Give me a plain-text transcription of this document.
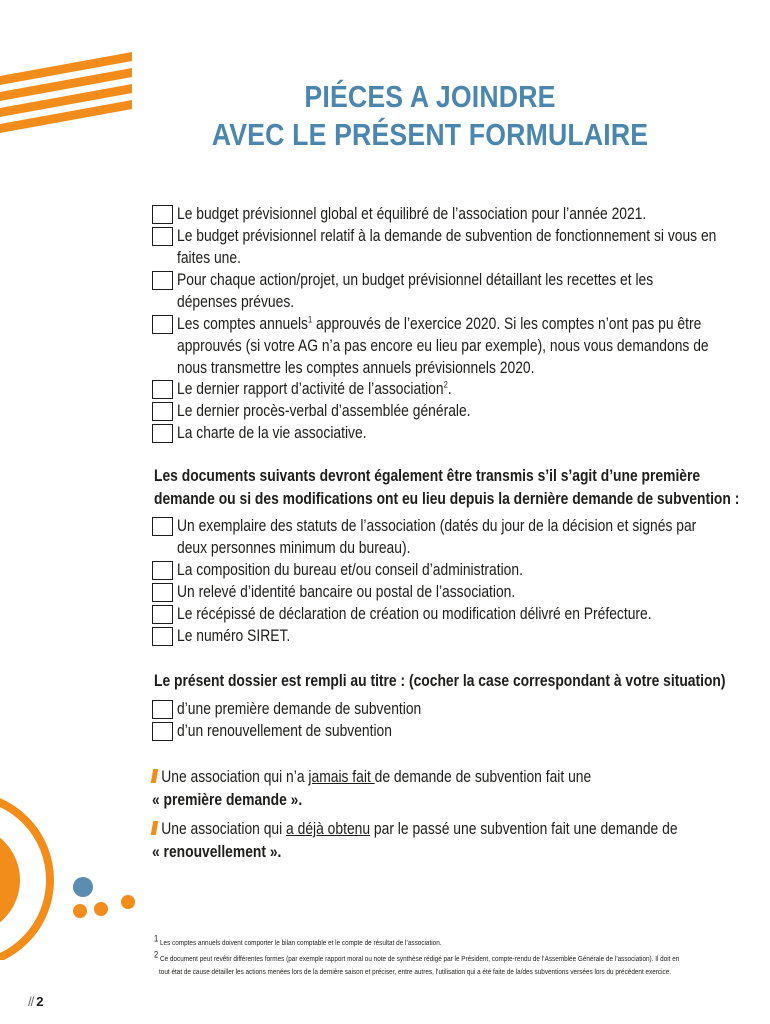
PIÉCES A JOINDRE
AVEC LE PRÉSENT FORMULAIRE
Le budget prévisionnel global et équilibré de l’association pour l’année 2021.
Le budget prévisionnel relatif à la demande de subvention de fonctionnement si vous en
faites une.
Pour chaque action/projet, un budget prévisionnel détaillant les recettes et les
dépenses prévues.
Les comptes annuels$^1$ approuvés de l’exercice 2020. Si les comptes n’ont pas pu être
approuvés (si votre AG n’a pas encore eu lieu par exemple), nous vous demandons de
nous transmettre les comptes annuels prévisionnels 2020.
Le dernier rapport d’activité de l’association$^2$.
Le dernier procès-verbal d’assemblée générale.
La charte de la vie associative.
Les documents suivants devront également être transmis s’il s’agit d’une première
demande ou si des modifications ont eu lieu depuis la dernière demande de subvention :
Un exemplaire des statuts de l’association (datés du jour de la décision et signés par
deux personnes minimum du bureau).
La composition du bureau et/ou conseil d’administration.
Un relevé d’identité bancaire ou postal de l’association.
Le récépissé de déclaration de création ou modification délivré en Préfecture.
Le numéro SIRET.
Le présent dossier est rempli au titre : (cocher la case correspondant à votre situation)
d’une première demande de subvention
d’un renouvellement de subvention
Une association qui n’a jamais fait de demande de subvention fait une
« première demande ».
Une association qui a déjà obtenu par le passé une subvention fait une demande de
« renouvellement ».
$^1$ Les comptes annuels doivent comporter le bilan comptable et le compte de résultat de l’association.
$^2$ Ce document peut revêtir différentes formes (par exemple rapport moral ou note de synthèse rédigé par le Président, compte-rendu de l’Assemblée Générale de l’association). Il doit en
tout état de cause détailler les actions menées lors de la dernière saison et préciser, entre autres, l’utilisation qui a été faite de la/des subventions versées lors du précédent exercice.
// 2
